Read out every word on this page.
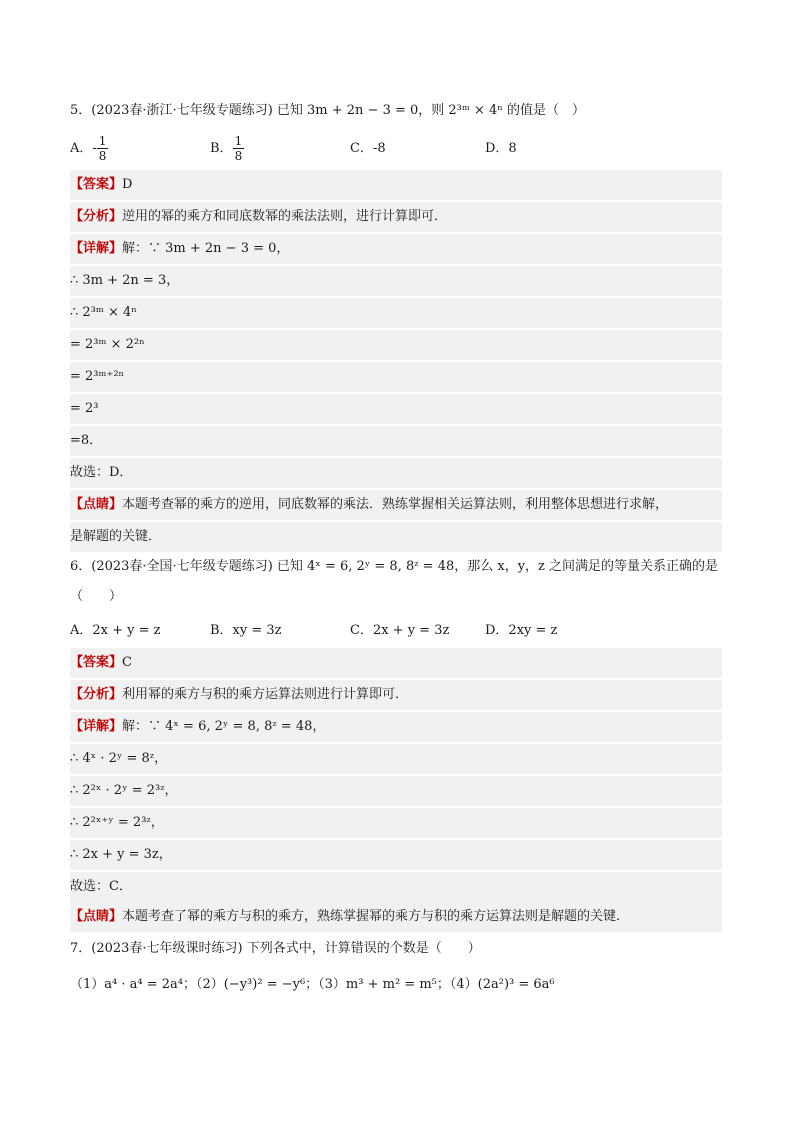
5．(2023春·浙江·七年级专题练习) 已知 3m + 2n − 3 = 0，则 2³ᵐ × 4ⁿ 的值是（　）
A．- $\frac{1}{8}$	B． $\frac{1}{8}$	C．-8	D．8
【答案】D
【分析】逆用的幂的乘方和同底数幂的乘法法则，进行计算即可．
【详解】解：∵ 3m + 2n − 3 = 0，
∴ 3m + 2n = 3，
∴ 2³ᵐ × 4ⁿ
= 2³ᵐ × 2²ⁿ
= 2³ᵐ⁺²ⁿ
= 2³
=8．
故选：D．
【点睛】本题考查幂的乘方的逆用，同底数幂的乘法．熟练掌握相关运算法则，利用整体思想进行求解，
是解题的关键．
6．(2023春·全国·七年级专题练习) 已知 4ˣ = 6, 2ʸ = 8, 8ᶻ = 48，那么 x，y，z 之间满足的等量关系正确的是
（　　）
A．2x + y = z	B．xy = 3z	C．2x + y = 3z	D．2xy = z
【答案】C
【分析】利用幂的乘方与积的乘方运算法则进行计算即可．
【详解】解：∵ 4ˣ = 6, 2ʸ = 8, 8ᶻ = 48，
∴ 4ˣ · 2ʸ = 8ᶻ，
∴ 2²ˣ · 2ʸ = 2³ᶻ，
∴ 2²ˣ⁺ʸ = 2³ᶻ，
∴ 2x + y = 3z，
故选：C．
【点睛】本题考查了幂的乘方与积的乘方，熟练掌握幂的乘方与积的乘方运算法则是解题的关键．
7．(2023春·七年级课时练习) 下列各式中，计算错误的个数是（　　）
（1）a⁴ · a⁴ = 2a⁴；（2）(−y³)² = −y⁶；（3）m³ + m² = m⁵；（4）(2a²)³ = 6a⁶
